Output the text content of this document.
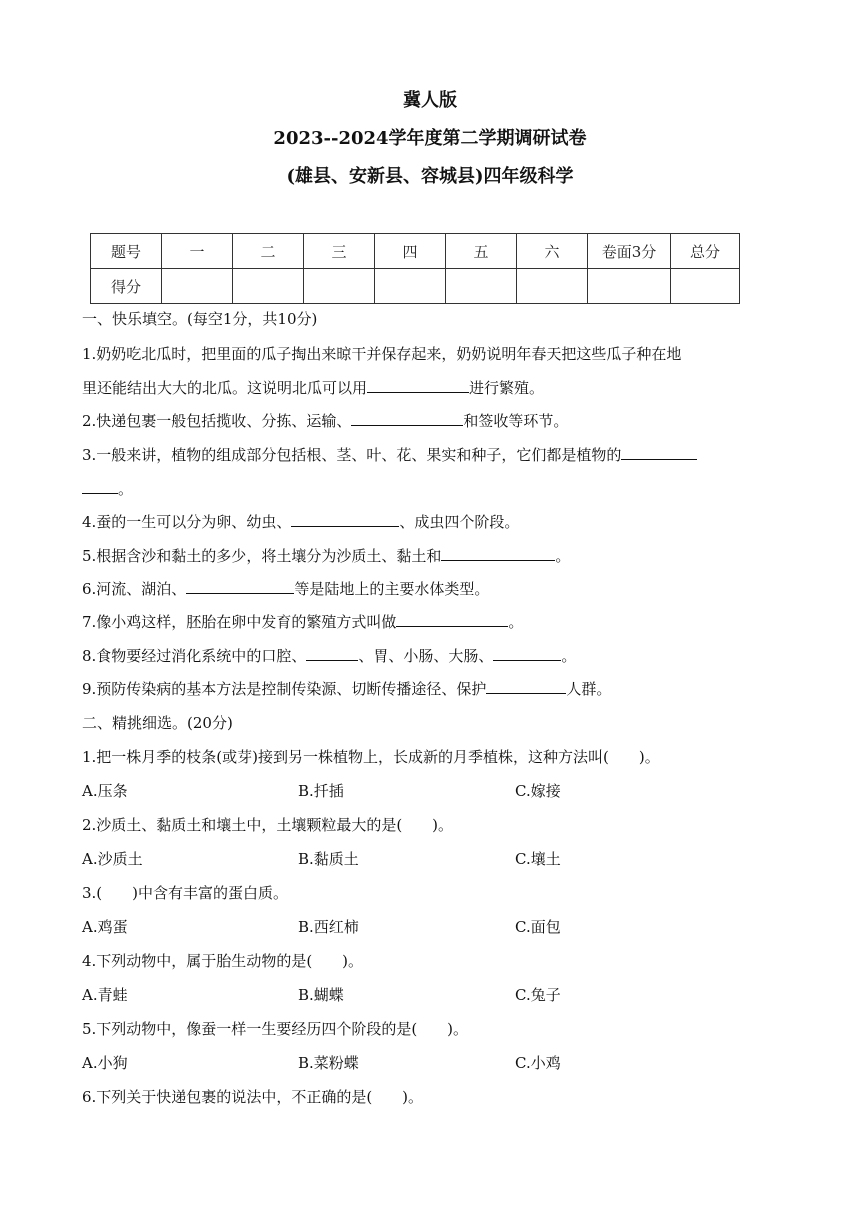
冀人版
2023--2024学年度第二学期调研试卷
(雄县、安新县、容城县)四年级科学
题号	一	二	三	四	五	六	卷面3分	总分
得分								
一、快乐填空。(每空1分，共10分)
1.奶奶吃北瓜时，把里面的瓜子掏出来晾干并保存起来，奶奶说明年春天把这些瓜子种在地
里还能结出大大的北瓜。这说明北瓜可以用	进行繁殖。
2.快递包裹一般包括揽收、分拣、运输、	和签收等环节。
3.一般来讲，植物的组成部分包括根、茎、叶、花、果实和种子，它们都是植物的
。
4.蚕的一生可以分为卵、幼虫、	、成虫四个阶段。
5.根据含沙和黏土的多少，将土壤分为沙质土、黏土和	。
6.河流、湖泊、	等是陆地上的主要水体类型。
7.像小鸡这样，胚胎在卵中发育的繁殖方式叫做	。
8.食物要经过消化系统中的口腔、	、胃、小肠、大肠、	。
9.预防传染病的基本方法是控制传染源、切断传播途径、保护	人群。
二、精挑细选。(20分)
1.把一株月季的枝条(或芽)接到另一株植物上，长成新的月季植株，这种方法叫(　　)。
A.压条	B.扦插	C.嫁接
2.沙质土、黏质土和壤土中，土壤颗粒最大的是(　　)。
A.沙质土	B.黏质土	C.壤土
3.(　　)中含有丰富的蛋白质。
A.鸡蛋	B.西红柿	C.面包
4.下列动物中，属于胎生动物的是(　　)。
A.青蛙	B.蝴蝶	C.兔子
5.下列动物中，像蚕一样一生要经历四个阶段的是(　　)。
A.小狗	B.菜粉蝶	C.小鸡
6.下列关于快递包裹的说法中，不正确的是(　　)。
